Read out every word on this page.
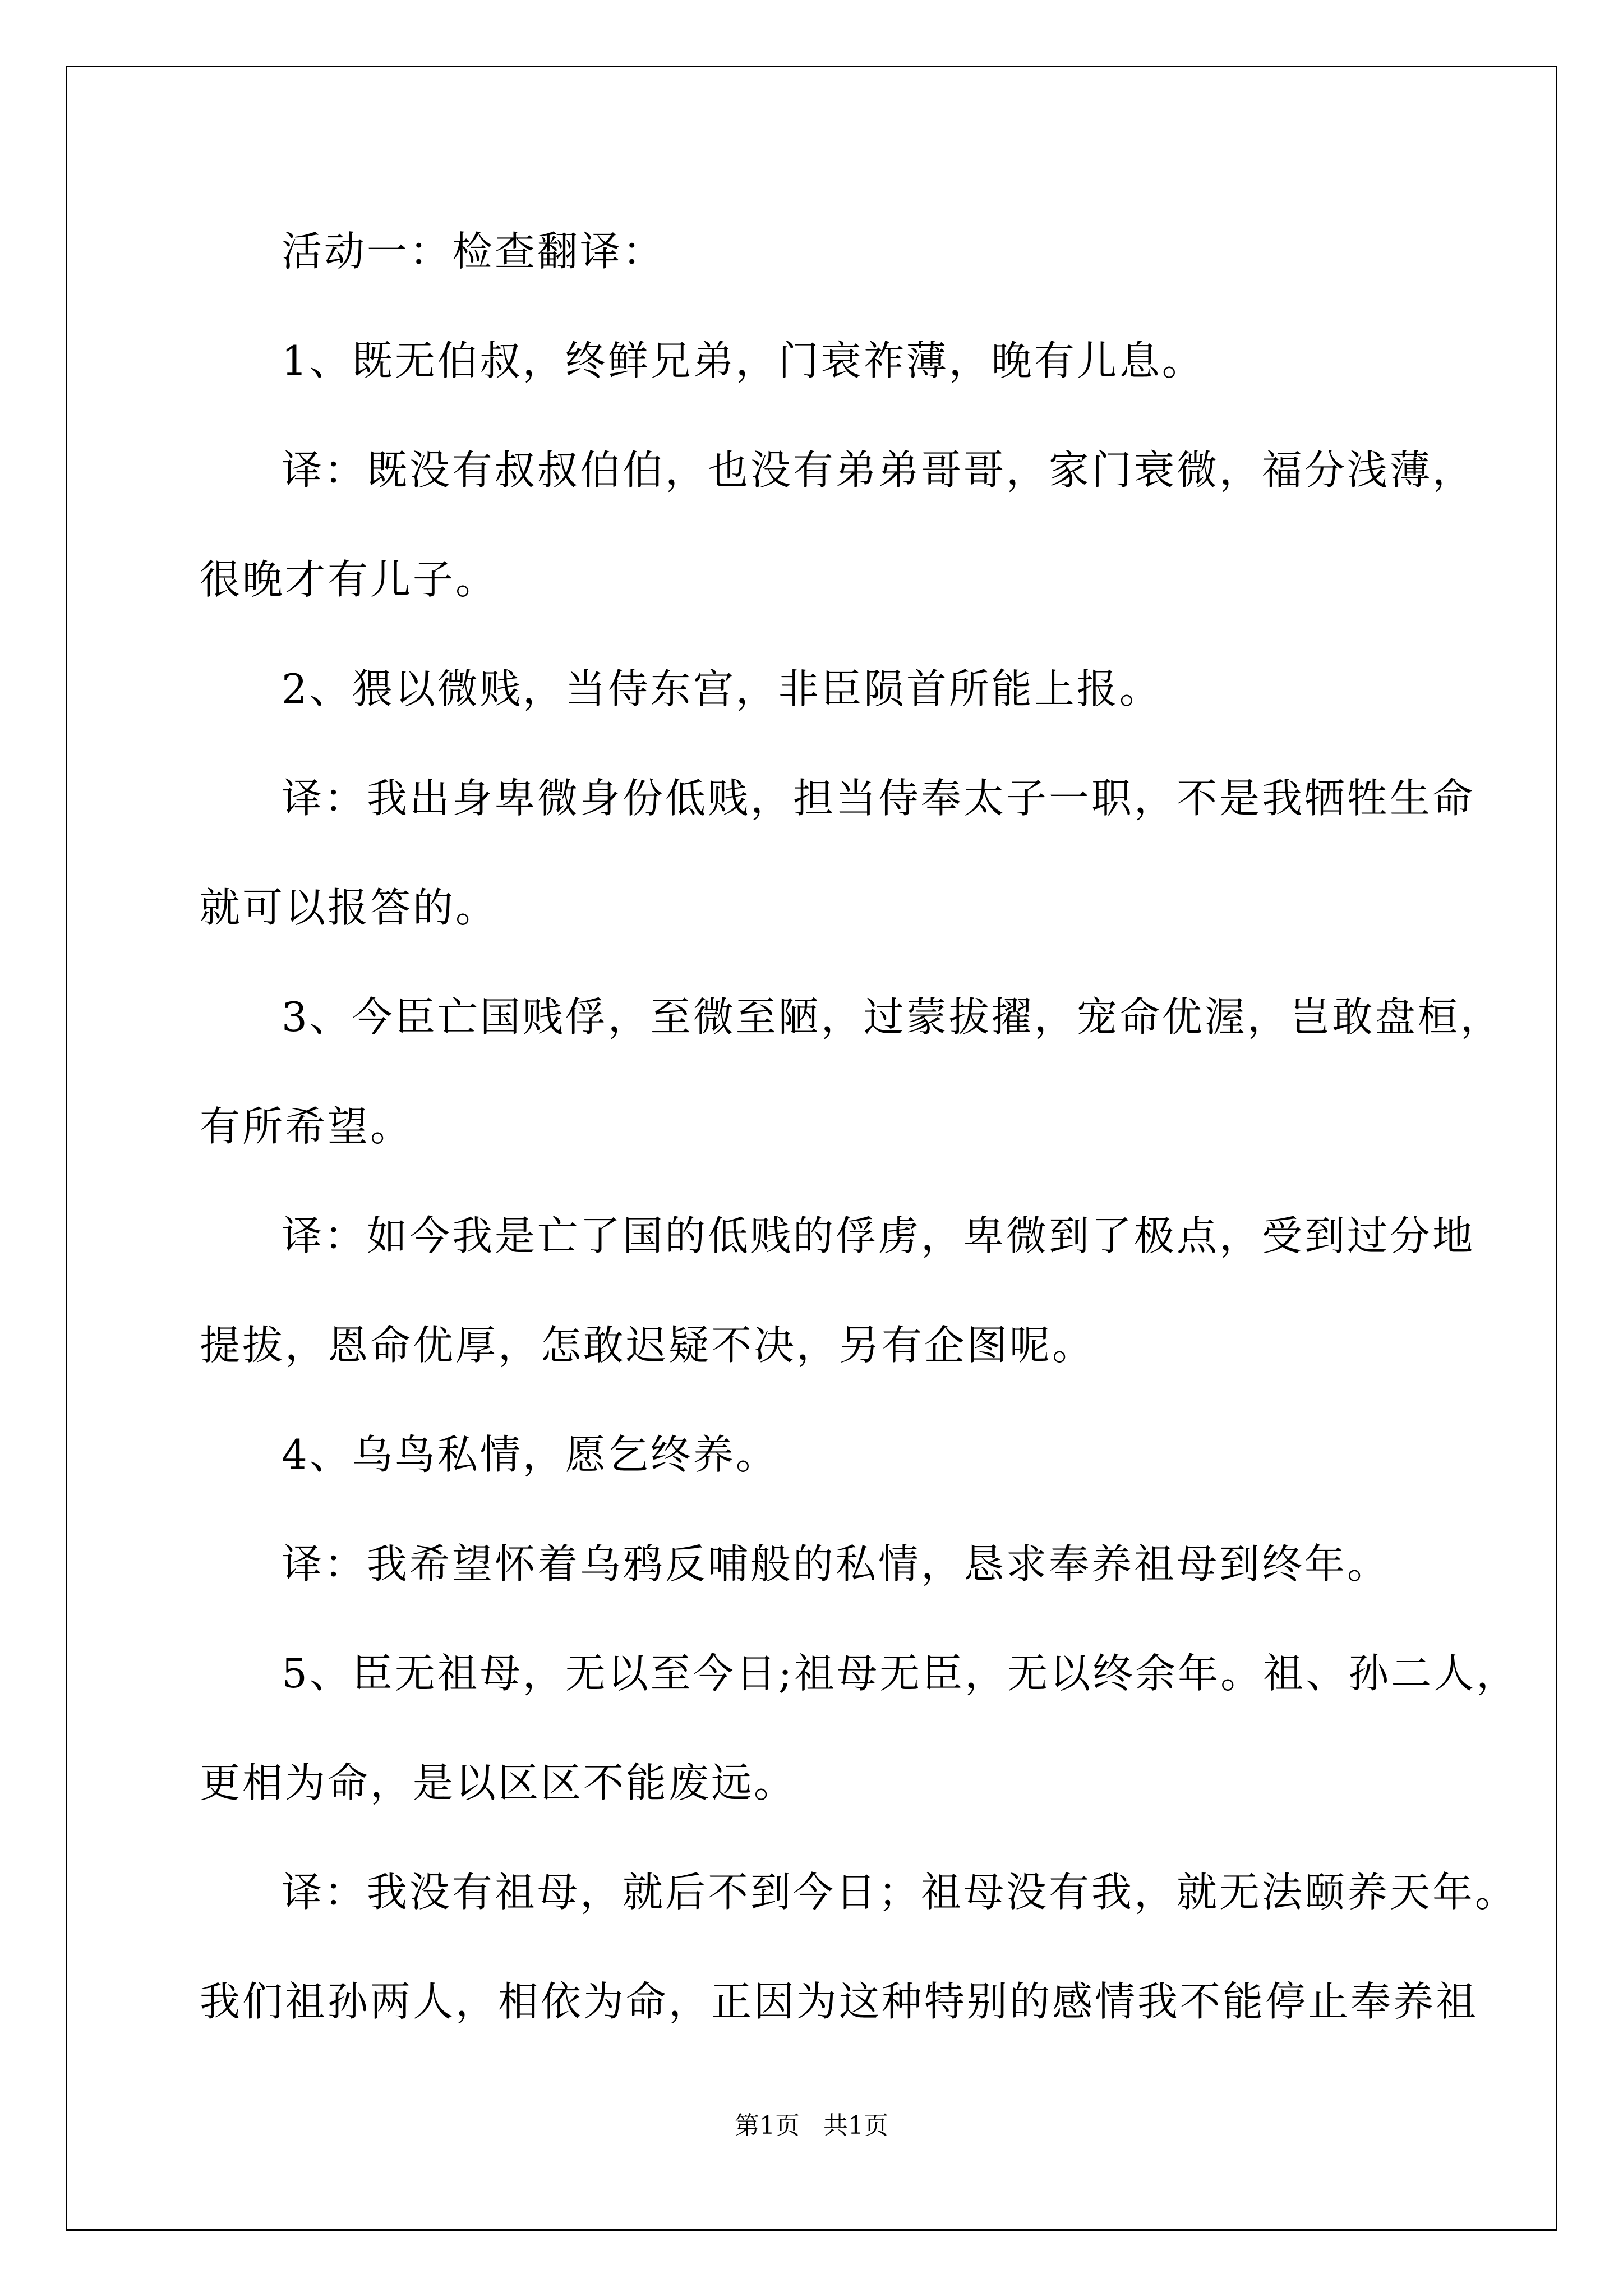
活动一：检查翻译：
1、既无伯叔，终鲜兄弟，门衰祚薄，晚有儿息。
译：既没有叔叔伯伯，也没有弟弟哥哥，家门衰微，福分浅薄，
很晚才有儿子。
2、猥以微贱，当侍东宫，非臣陨首所能上报。
译：我出身卑微身份低贱，担当侍奉太子一职，不是我牺牲生命
就可以报答的。
3、今臣亡国贱俘，至微至陋，过蒙拔擢，宠命优渥，岂敢盘桓，
有所希望。
译：如今我是亡了国的低贱的俘虏，卑微到了极点，受到过分地
提拔，恩命优厚，怎敢迟疑不决，另有企图呢。
4、乌鸟私情，愿乞终养。
译：我希望怀着乌鸦反哺般的私情，恳求奉养祖母到终年。
5、臣无祖母，无以至今日;祖母无臣，无以终余年。祖、孙二人，
更相为命，是以区区不能废远。
译：我没有祖母，就后不到今日；祖母没有我，就无法颐养天年。
我们祖孙两人，相依为命，正因为这种特别的感情我不能停止奉养祖
第1页 共1页
